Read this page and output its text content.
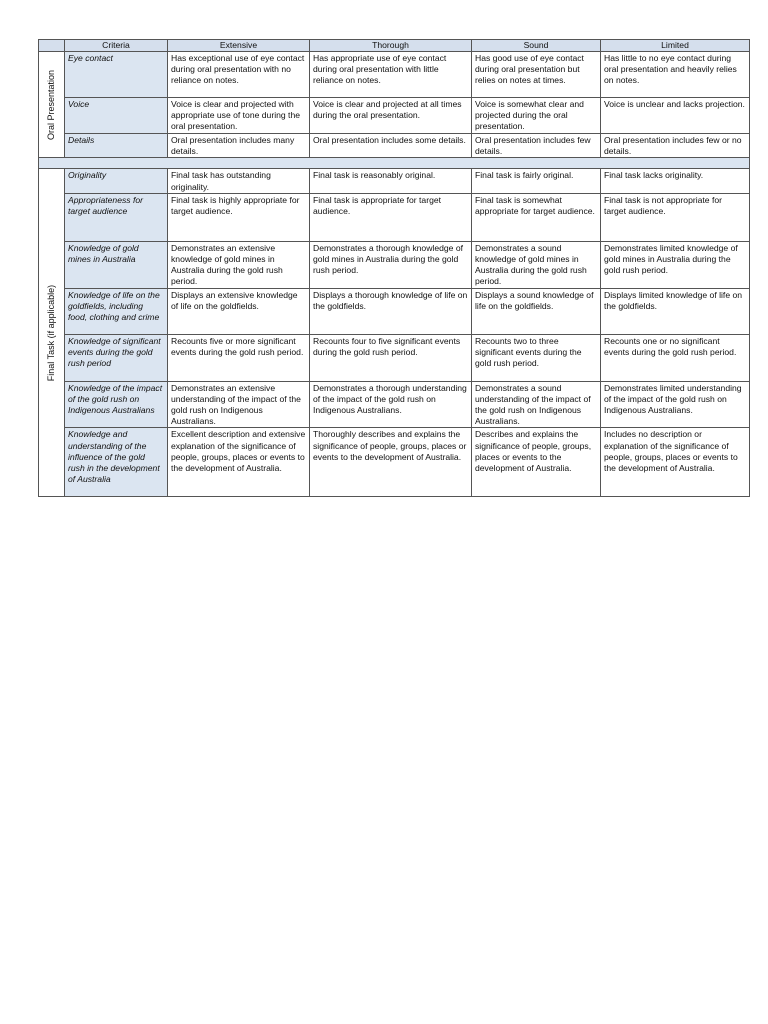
	Criteria	Extensive	Thorough	Sound	Limited

Oral Presentation	Eye contact	Has exceptional use of eye contact during oral presentation with no reliance on notes.	Has appropriate use of eye contact during oral presentation with little reliance on notes.	Has good use of eye contact during oral presentation but relies on notes at times.	Has little to no eye contact during oral presentation and heavily relies on notes.
	Voice	Voice is clear and projected with appropriate use of tone during the oral presentation.	Voice is clear and projected at all times during the oral presentation.	Voice is somewhat clear and projected during the oral presentation.	Voice is unclear and lacks projection.
	Details	Oral presentation includes many details.	Oral presentation includes some details.	Oral presentation includes few details.	Oral presentation includes few or no details.

Final Task (if applicable)	Originality	Final task has outstanding originality.	Final task is reasonably original.	Final task is fairly original.	Final task lacks originality.
	Appropriateness for target audience	Final task is highly appropriate for target audience.	Final task is appropriate for target audience.	Final task is somewhat appropriate for target audience.	Final task is not appropriate for target audience.
	Knowledge of gold mines in Australia	Demonstrates an extensive knowledge of gold mines in Australia during the gold rush period.	Demonstrates a thorough knowledge of gold mines in Australia during the gold rush period.	Demonstrates a sound knowledge of gold mines in Australia during the gold rush period.	Demonstrates limited knowledge of gold mines in Australia during the gold rush period.
	Knowledge of life on the goldfields, including food, clothing and crime	Displays an extensive knowledge of life on the goldfields.	Displays a thorough knowledge of life on the goldfields.	Displays a sound knowledge of life on the goldfields.	Displays limited knowledge of life on the goldfields.
	Knowledge of significant events during the gold rush period	Recounts five or more significant events during the gold rush period.	Recounts four to five significant events during the gold rush period.	Recounts two to three significant events during the gold rush period.	Recounts one or no significant events during the gold rush period.
	Knowledge of the impact of the gold rush on Indigenous Australians	Demonstrates an extensive understanding of the impact of the gold rush on Indigenous Australians.	Demonstrates a thorough understanding of the impact of the gold rush on Indigenous Australians.	Demonstrates a sound understanding of the impact of the gold rush on Indigenous Australians.	Demonstrates limited understanding of the impact of the gold rush on Indigenous Australians.
	Knowledge and understanding of the influence of the gold rush in the development of Australia	Excellent description and extensive explanation of the significance of people, groups, places or events to the development of Australia.	Thoroughly describes and explains the significance of people, groups, places or events to the development of Australia.	Describes and explains the significance of people, groups, places or events to the development of Australia.	Includes no description or explanation of the significance of people, groups, places or events to the development of Australia.
